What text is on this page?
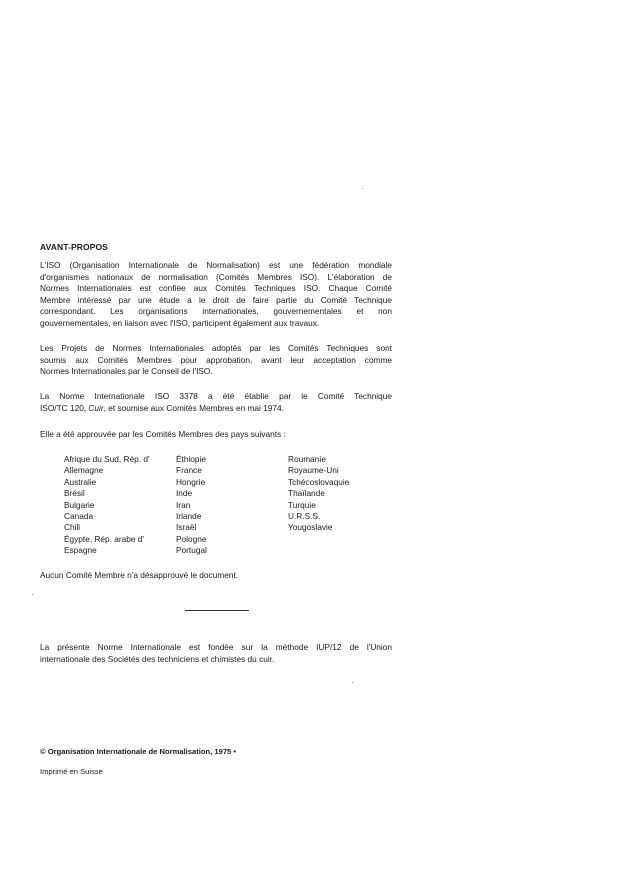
AVANT-PROPOS
L'ISO (Organisation Internationale de Normalisation) est une fédération mondiale
d'organismes nationaux de normalisation (Comités Membres ISO). L'élaboration de
Normes Internationales est confiée aux Comités Techniques ISO. Chaque Comité
Membre intéressé par une étude a le droit de faire partie du Comité Technique
correspondant. Les organisations internationales, gouvernementales et non
gouvernementales, en liaison avec l'ISO, participent également aux travaux.
Les Projets de Normes Internationales adoptés par les Comités Techniques sont
soumis aux Comités Membres pour approbation, avant leur acceptation comme
Normes Internationales par le Conseil de l'ISO.
La Norme Internationale ISO 3378 a été établie par le Comité Technique
ISO/TC 120, Cuir, et soumise aux Comités Membres en mai 1974.
Elle a été approuvée par les Comités Membres des pays suivants :
Afrique du Sud, Rép. d'
Allemagne
Australie
Brésil
Bulgarie
Canada
Chili
Égypte, Rép. arabe d'
Espagne
Éthiopie
France
Hongrie
Inde
Iran
Irlande
Israël
Pologne
Portugal
Roumanie
Royaume-Uni
Tchécoslovaquie
Thaïlande
Turquie
U.R.S.S.
Yougoslavie
Aucun Comité Membre n'a désapprouvé le document.
La présente Norme Internationale est fondée sur la méthode IUP/12 de l'Union
internationale des Sociétés des techniciens et chimistes du cuir.
© Organisation Internationale de Normalisation, 1975 •
Imprimé en Suisse
